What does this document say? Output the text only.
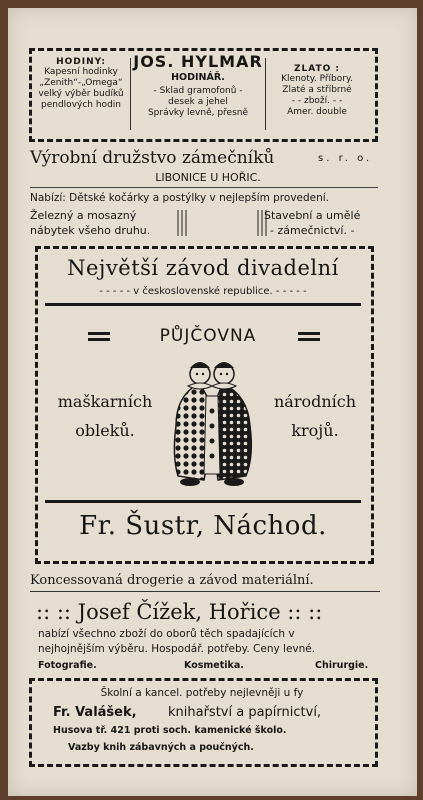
HODINY:
Kapesní hodinky
„Zenith“-„Omega“
velký výběr budíků
pendlových hodin
JOS. HYLMAR
HODINÁŘ.
- Sklad gramofonů -
desek a jehel
Správky levně, přesně
ZLATO :
Klenoty. Příbory.
Zlaté a stříbrné
- - zboží. - -
Amer. double
Výrobní družstvo zámečníků	s. r. o.
LIBONICE U HOŘIC.
Nabízí: Dětské kočárky a postýlky v nejlepším provedení.
Železný a mosazný
nábytek všeho druhu.
Stavební a umělé
- zámečnictví. -
Největší závod divadelní
- - - - - v československé republice. - - - - -
PŮJČOVNA
maškarních
obleků.
národních
krojů.
Fr. Šustr, Náchod.
Koncessovaná drogerie a závod materiální.
:: :: Josef Čížek, Hořice :: ::
nabízí všechno zboží do oborů těch spadajících v
nejhojnějším výběru. Hospodář. potřeby. Ceny levné.
Fotografie.	Kosmetika.	Chirurgie.
Školní a kancel. potřeby nejlevněji u fy
Fr. Valášek, knihařství a papírnictví,
Husova tř. 421 proti soch. kamenické školo.
Vazby knih zábavných a poučných.
